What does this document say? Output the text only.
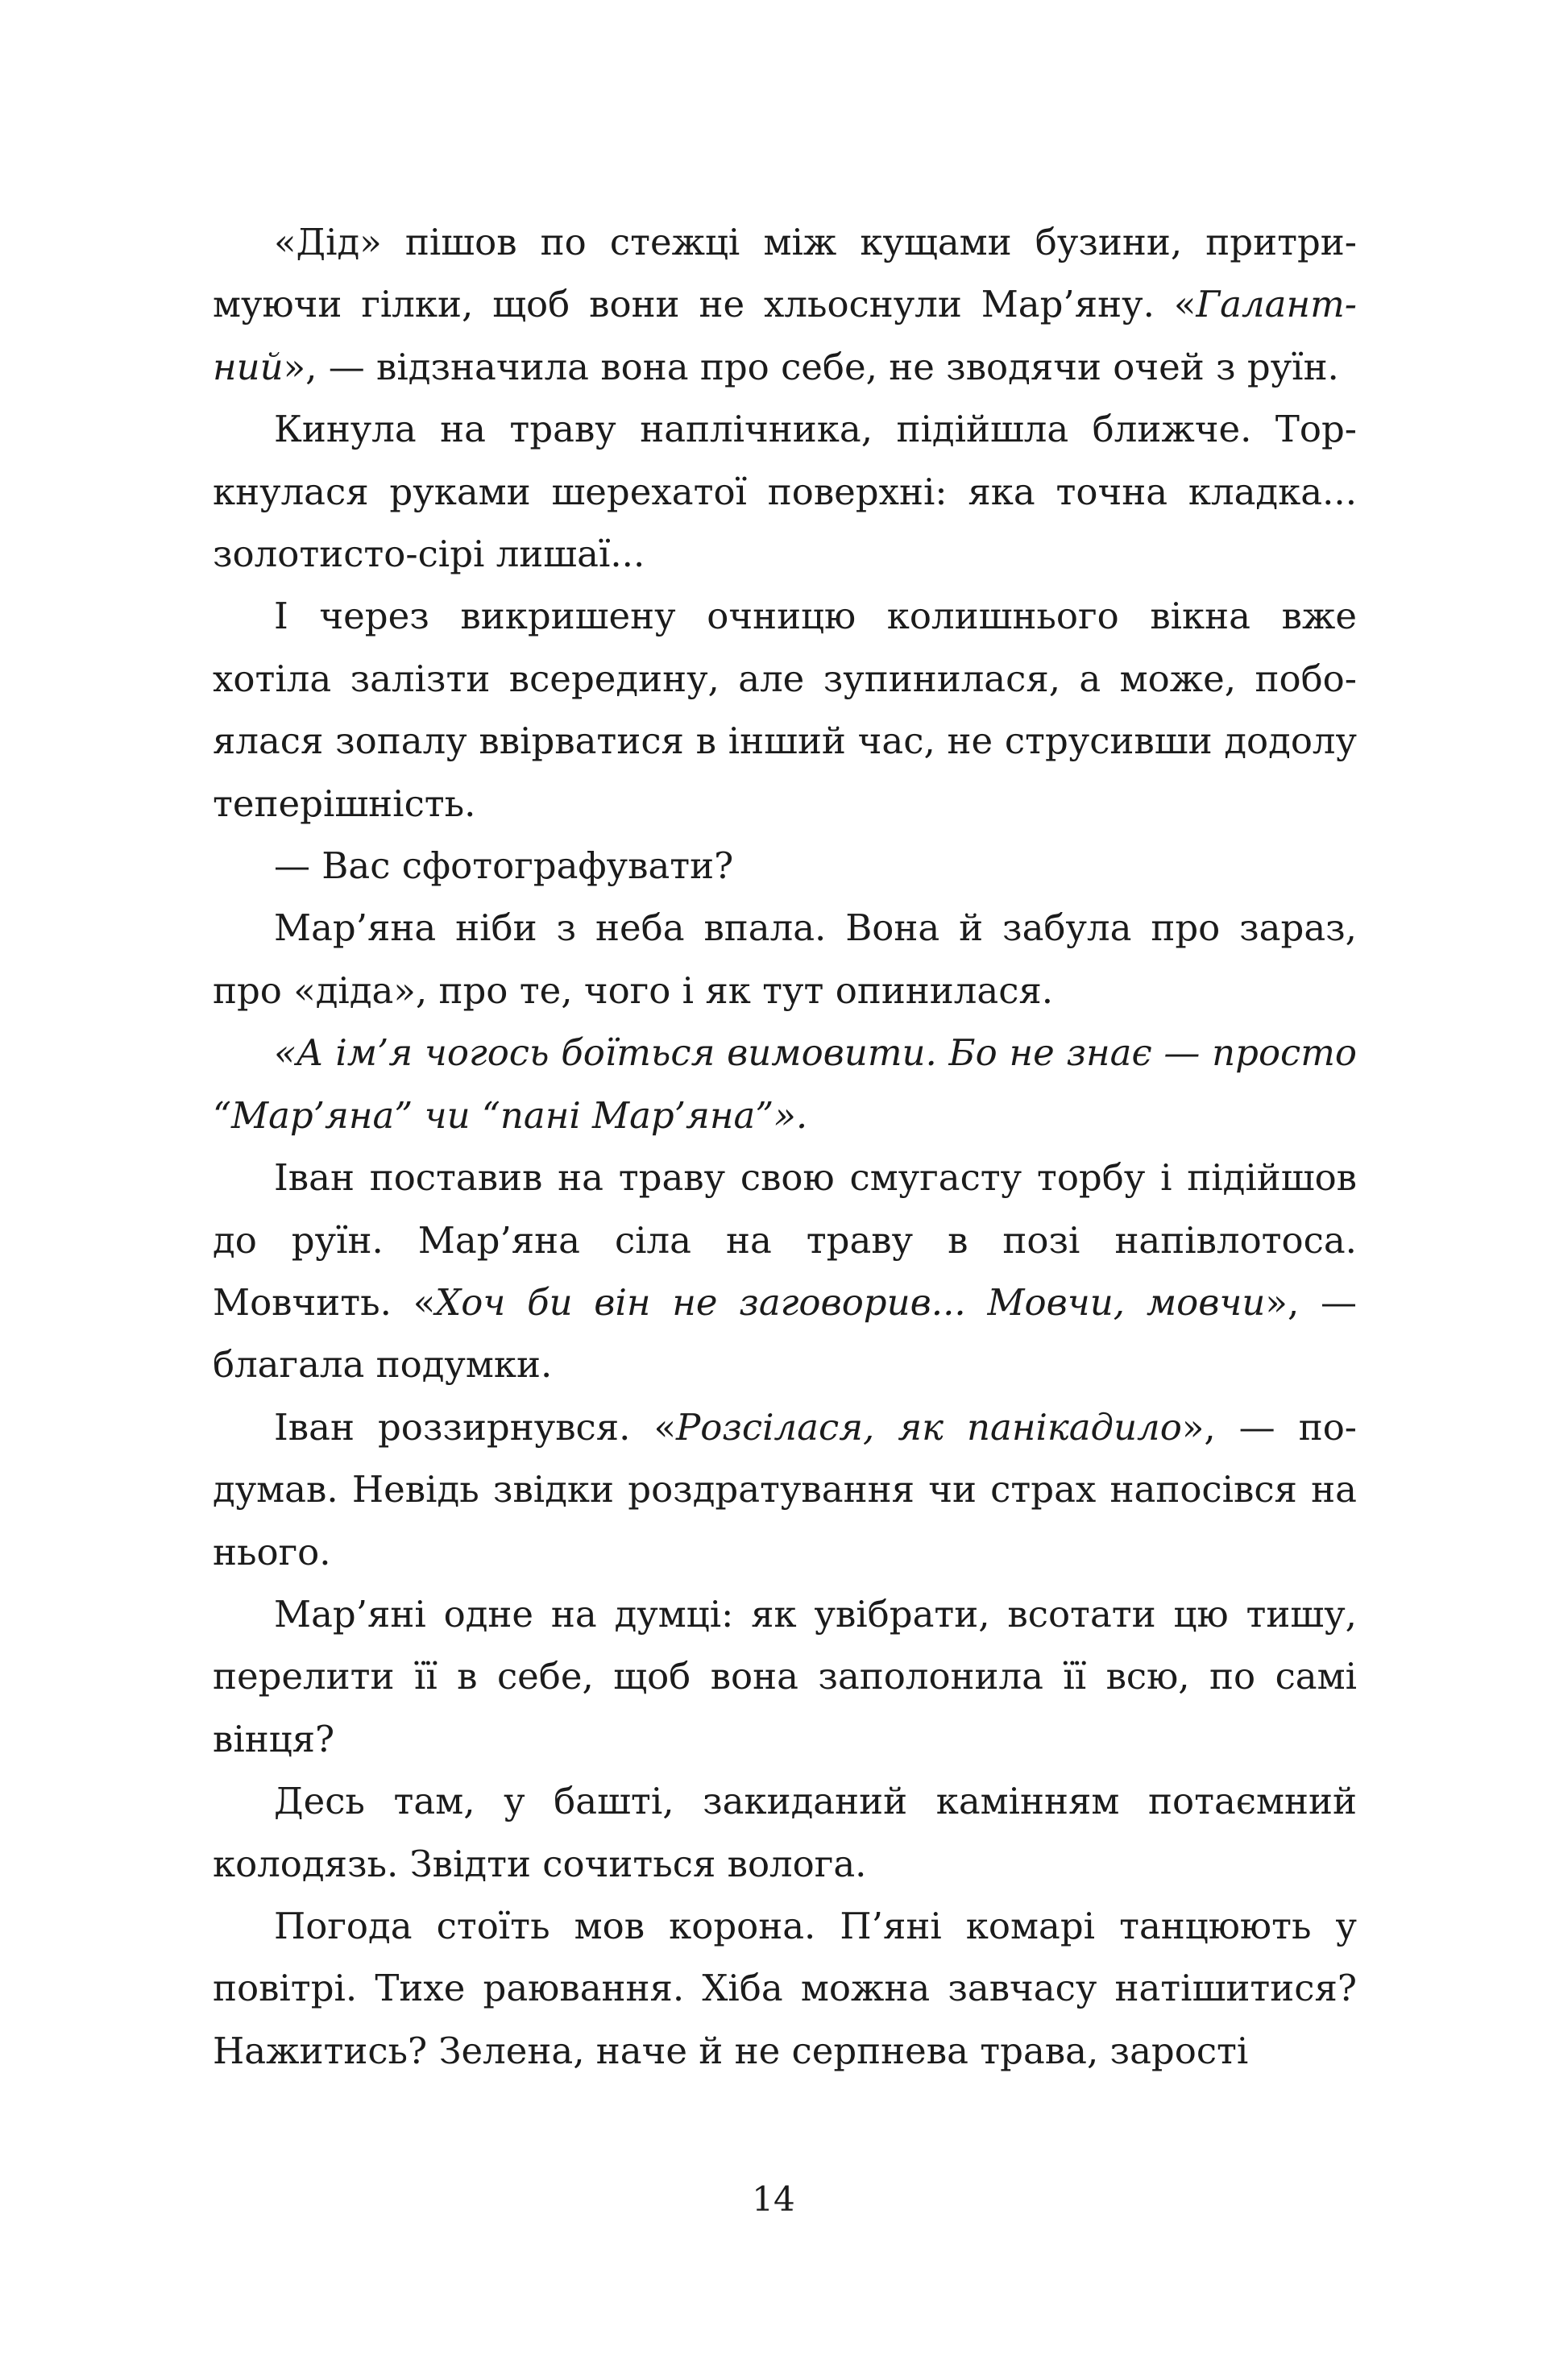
«Дід» пішов по стежці між кущами бузини, притримуючи гілки, щоб вони не хльоснули Мар’яну. «Галантний», — відзначила вона про себе, не зводячи очей з руїн.

Кинула на траву наплічника, підійшла ближче. Торкнулася руками шерехатої поверхні: яка точна кладка... золотисто-сірі лишаї...

І через викришену очницю колишнього вікна вже хотіла залізти всередину, але зупинилася, а може, побоялася зопалу ввірватися в інший час, не струсивши додолу теперішність.

— Вас сфотографувати?

Мар’яна ніби з неба впала. Вона й забула про зараз, про «діда», про те, чого і як тут опинилася.

«А ім’я чогось боїться вимовити. Бо не знає — просто “Мар’яна” чи “пані Мар’яна”».

Іван поставив на траву свою смугасту торбу і підійшов до руїн. Мар’яна сіла на траву в позі напівлотоса. Мовчить. «Хоч би він не заговорив... Мовчи, мовчи», — благала подумки.

Іван роззирнувся. «Розсілася, як панікадило», — подумав. Невідь звідки роздратування чи страх напосівся на нього.

Мар’яні одне на думці: як увібрати, всотати цю тишу, перелити її в себе, щоб вона заполонила її всю, по самі вінця?

Десь там, у башті, закиданий камінням потаємний колодязь. Звідти сочиться волога.

Погода стоїть мов корона. П’яні комарі танцюють у повітрі. Тихе раювання. Хіба можна завчасу натішитися? Нажитись? Зелена, наче й не серпнева трава, зарості

14
